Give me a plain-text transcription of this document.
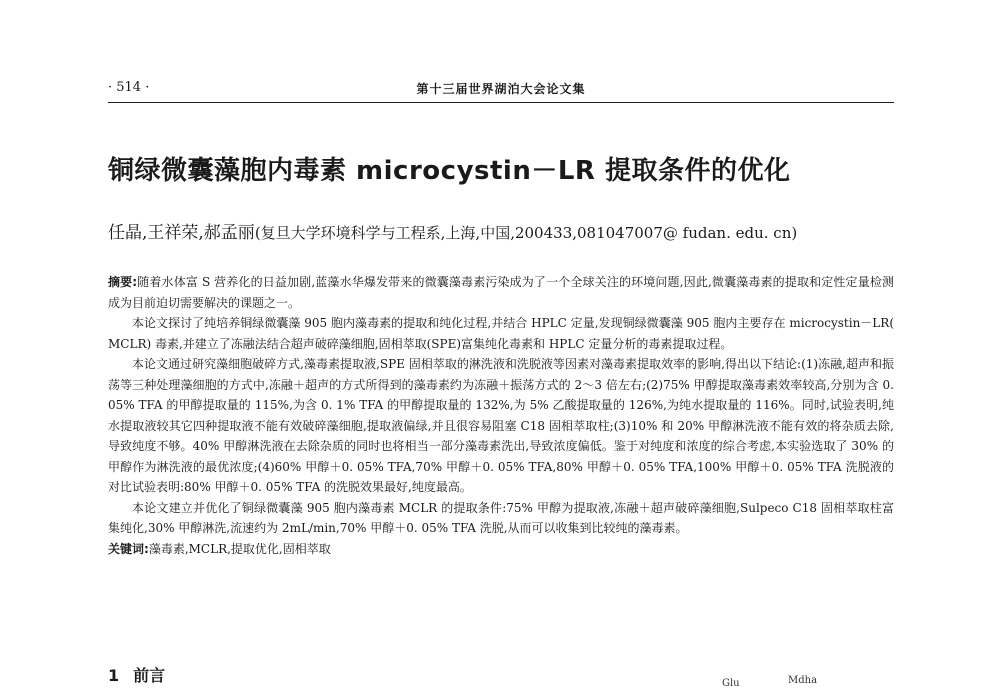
· 514 ·	第十三届世界湖泊大会论文集
铜绿微囊藻胞内毒素 microcystin－LR 提取条件的优化
任晶,王祥荣,郝孟丽(复旦大学环境科学与工程系,上海,中国,200433,081047007@ fudan. edu. cn)

摘要:随着水体富 S 营养化的日益加剧,蓝藻水华爆发带来的微囊藻毒素污染成为了一个全球关注的环境问题,因此,微囊藻毒素的提取和定性定量检测成为目前迫切需要解决的课题之一。

本论文探讨了纯培养铜绿微囊藻 905 胞内藻毒素的提取和纯化过程,并结合 HPLC 定量,发现铜绿微囊藻 905 胞内主要存在 microcystin－LR( MCLR) 毒素,并建立了冻融法结合超声破碎藻细胞,固相萃取(SPE)富集纯化毒素和 HPLC 定量分析的毒素提取过程。

本论文通过研究藻细胞破碎方式,藻毒素提取液,SPE 固相萃取的淋洗液和洗脱液等因素对藻毒素提取效率的影响,得出以下结论:(1)冻融,超声和振荡等三种处理藻细胞的方式中,冻融＋超声的方式所得到的藻毒素约为冻融＋振荡方式的 2～3 倍左右;(2)75% 甲醇提取藻毒素效率较高,分别为含 0. 05% TFA 的甲醇提取量的 115%,为含 0. 1% TFA 的甲醇提取量的 132%,为 5% 乙酸提取量的 126%,为纯水提取量的 116%。同时,试验表明,纯水提取液较其它四种提取液不能有效破碎藻细胞,提取液偏绿,并且很容易阻塞 C18 固相萃取柱;(3)10% 和 20% 甲醇淋洗液不能有效的将杂质去除,导致纯度不够。40% 甲醇淋洗液在去除杂质的同时也将相当一部分藻毒素洗出,导致浓度偏低。鉴于对纯度和浓度的综合考虑,本实验选取了 30% 的甲醇作为淋洗液的最优浓度;(4)60% 甲醇＋0. 05% TFA,70% 甲醇＋0. 05% TFA,80% 甲醇＋0. 05% TFA,100% 甲醇＋0. 05% TFA 洗脱液的对比试验表明:80% 甲醇＋0. 05% TFA 的洗脱效果最好,纯度最高。

本论文建立并优化了铜绿微囊藻 905 胞内藻毒素 MCLR 的提取条件:75% 甲醇为提取液,冻融＋超声破碎藻细胞,Sulpeco C18 固相萃取柱富集纯化,30% 甲醇淋洗,流速约为 2mL/min,70% 甲醇＋0. 05% TFA 洗脱,从而可以收集到比较纯的藻毒素。

关键词:藻毒素,MCLR,提取优化,固相萃取

1 前言	Glu	Mdha
